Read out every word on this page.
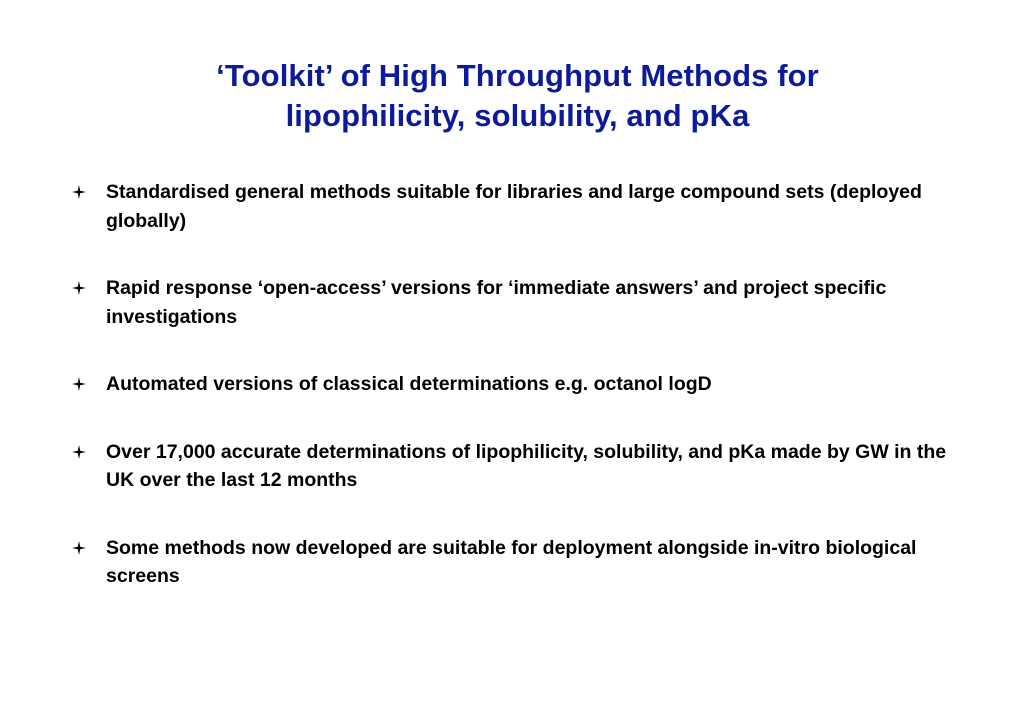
‘Toolkit’ of High Throughput Methods for
lipophilicity, solubility, and pKa
Standardised general methods suitable for libraries and large compound sets (deployed globally)
Rapid response ‘open-access’ versions for ‘immediate answers’ and project specific investigations
Automated versions of classical determinations e.g. octanol logD
Over 17,000 accurate determinations of lipophilicity, solubility, and pKa made by GW in the UK over the last 12 months
Some methods now developed are suitable for deployment alongside in-vitro biological screens
